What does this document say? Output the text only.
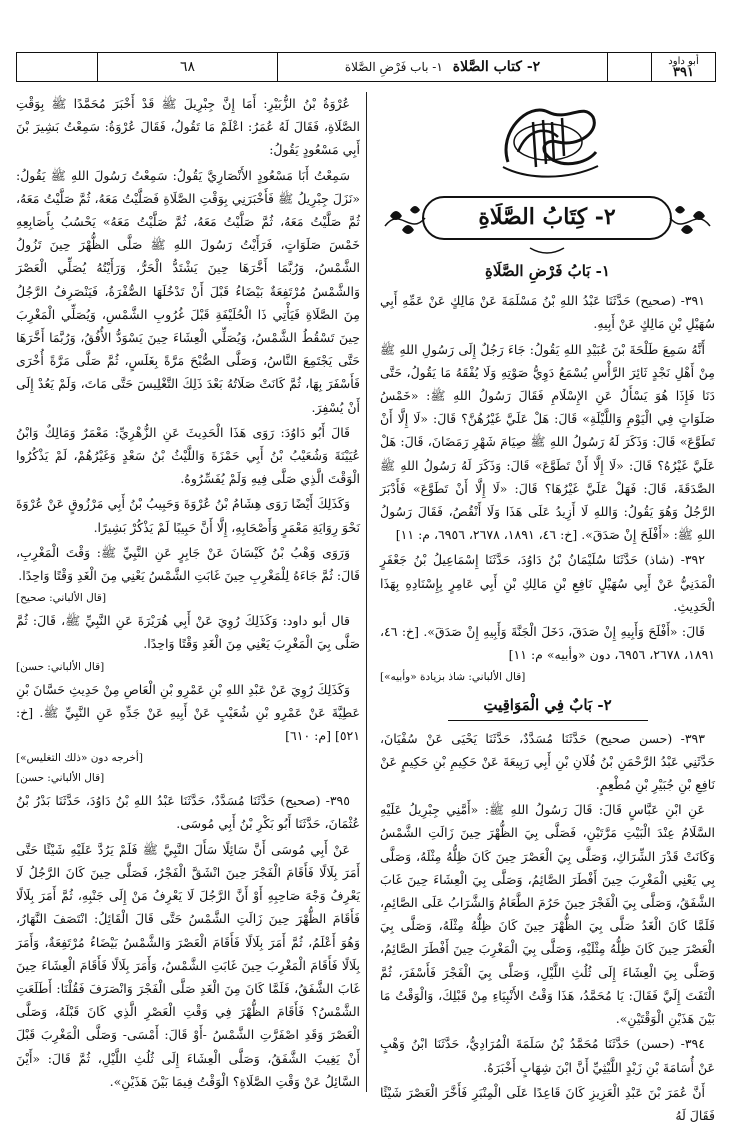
أبو داود
٣٩١
٢- كتاب الصَّلاة
١- باب فَرْضِ الصَّلاة
٦٨
٢- كِتَابُ الصَّلَاةِ
١- بَابُ فَرْضِ الصَّلَاةِ

٣٩١- (صحيح) حَدَّثَنَا عَبْدُ اللهِ بْنُ مَسْلَمَةَ عَنْ مَالِكٍ عَنْ عَمِّهِ أَبِي سُهَيْلِ بْنِ مَالِكٍ عَنْ أَبِيهِ.

أَنَّهُ سَمِعَ طَلْحَةَ بْنَ عُبَيْدِ اللهِ يَقُولُ: جَاءَ رَجُلٌ إِلَى رَسُولِ اللهِ ﷺ مِنْ أَهْلِ نَجْدٍ ثَائِرَ الرَّأْسِ يُسْمَعُ دَوِيُّ صَوْتِهِ وَلَا يُفْقَهُ مَا يَقُولُ، حَتَّى دَنَا فَإِذَا هُوَ يَسْأَلُ عَنِ الإِسْلَامِ فَقَالَ رَسُولُ اللهِ ﷺ: «خَمْسُ صَلَوَاتٍ فِي الْيَوْمِ وَاللَّيْلَةِ» قَالَ: هَلْ عَلَيَّ غَيْرُهُنَّ؟ قَالَ: «لَا إِلَّا أَنْ تَطَوَّعَ» قَالَ: وَذَكَرَ لَهُ رَسُولُ اللهِ ﷺ صِيَامَ شَهْرِ رَمَضَانَ، قَالَ: هَلْ عَلَيَّ غَيْرُهُ؟ قَالَ: «لَا إِلَّا أَنْ تَطَوَّعَ» قَالَ: وَذَكَرَ لَهُ رَسُولُ اللهِ ﷺ الصَّدَقَةَ، قَالَ: فَهَلْ عَلَيَّ غَيْرُهَا؟ قَالَ: «لَا إِلَّا أَنْ تَطَوَّعَ» فَأَدْبَرَ الرَّجُلُ وَهُوَ يَقُولُ: وَاللهِ لَا أَزِيدُ عَلَى هَذَا وَلَا أَنْقُصُ، فَقَالَ رَسُولُ اللهِ ﷺ: «أَفْلَحَ إِنْ صَدَقَ». [خ: ٤٦، ١٨٩١، ٢٦٧٨، ٦٩٥٦، م: ١١]

٣٩٢- (شاذ) حَدَّثَنَا سُلَيْمَانُ بْنُ دَاوُدَ، حَدَّثَنَا إِسْمَاعِيلُ بْنُ جَعْفَرٍ الْمَدَنِيُّ عَنْ أَبِي سُهَيْلٍ نَافِعِ بْنِ مَالِكِ بْنِ أَبِي عَامِرٍ بِإِسْنَادِهِ بِهَذَا الْحَدِيثِ.

قَالَ: «أَفْلَحَ وَأَبِيهِ إِنْ صَدَقَ، دَخَلَ الْجَنَّةَ وَأَبِيهِ إِنْ صَدَقَ». [خ: ٤٦، ١٨٩١، ٢٦٧٨، ٦٩٥٦، دون «وأبيه» م: ١١]

[قال الألباني: شاذ بزيادة «وأبيه»]
٢- بَابٌ فِي الْمَوَاقِيتِ

٣٩٣- (حسن صحيح) حَدَّثَنَا مُسَدَّدٌ، حَدَّثَنَا يَحْيَى عَنْ سُفْيَانَ، حَدَّثَنِي عَبْدُ الرَّحْمَنِ بْنُ فُلَانِ بْنِ أَبِي رَبِيعَةَ عَنْ حَكِيمِ بْنِ حَكِيمٍ عَنْ نَافِعِ بْنِ جُبَيْرِ بْنِ مُطْعِمٍ.

عَنِ ابْنِ عَبَّاسٍ قَالَ: قَالَ رَسُولُ اللهِ ﷺ: «أَمَّنِي جِبْرِيلُ عَلَيْهِ السَّلَامُ عِنْدَ الْبَيْتِ مَرَّتَيْنِ، فَصَلَّى بِيَ الظُّهْرَ حِينَ زَالَتِ الشَّمْسُ وَكَانَتْ قَدْرَ الشِّرَاكِ، وَصَلَّى بِيَ الْعَصْرَ حِينَ كَانَ ظِلُّهُ مِثْلَهُ، وَصَلَّى بِي يَعْنِي الْمَغْرِبَ حِينَ أَفْطَرَ الصَّائِمُ، وَصَلَّى بِيَ الْعِشَاءَ حِينَ غَابَ الشَّفَقُ، وَصَلَّى بِيَ الْفَجْرَ حِينَ حَرُمَ الطَّعَامُ وَالشَّرَابُ عَلَى الصَّائِمِ، فَلَمَّا كَانَ الْغَدُ صَلَّى بِيَ الظُّهْرَ حِينَ كَانَ ظِلُّهُ مِثْلَهُ، وَصَلَّى بِيَ الْعَصْرَ حِينَ كَانَ ظِلُّهُ مِثْلَيْهِ، وَصَلَّى بِيَ الْمَغْرِبَ حِينَ أَفْطَرَ الصَّائِمُ، وَصَلَّى بِيَ الْعِشَاءَ إِلَى ثُلُثِ اللَّيْلِ، وَصَلَّى بِيَ الْفَجْرَ فَأَسْفَرَ، ثُمَّ الْتَفَتَ إِلَيَّ فَقَالَ: يَا مُحَمَّدُ، هَذَا وَقْتُ الأَنْبِيَاءِ مِنْ قَبْلِكَ، وَالْوَقْتُ مَا بَيْنَ هَذَيْنِ الْوَقْتَيْنِ».

٣٩٤- (حسن) حَدَّثَنَا مُحَمَّدُ بْنُ سَلَمَةَ الْمُرَادِيُّ، حَدَّثَنَا ابْنُ وَهْبٍ عَنْ أُسَامَةَ بْنِ زَيْدٍ اللَّيْثِيِّ أَنَّ ابْنَ شِهَابٍ أَخْبَرَهُ.

أَنَّ عُمَرَ بْنَ عَبْدِ الْعَزِيزِ كَانَ قَاعِدًا عَلَى الْمِنْبَرِ فَأَخَّرَ الْعَصْرَ شَيْئًا فَقَالَ لَهُ

عُرْوَةُ بْنُ الزُّبَيْرِ: أَمَا إِنَّ جِبْرِيلَ ﷺ قَدْ أَخْبَرَ مُحَمَّدًا ﷺ بِوَقْتِ الصَّلَاةِ، فَقَالَ لَهُ عُمَرُ: اعْلَمْ مَا تَقُولُ، فَقَالَ عُرْوَةُ: سَمِعْتُ بَشِيرَ بْنَ أَبِي مَسْعُودٍ يَقُولُ:

سَمِعْتُ أَبَا مَسْعُودٍ الأَنْصَارِيَّ يَقُولُ: سَمِعْتُ رَسُولَ اللهِ ﷺ يَقُولُ: «نَزَلَ جِبْرِيلُ ﷺ فَأَخْبَرَنِي بِوَقْتِ الصَّلَاةِ فَصَلَّيْتُ مَعَهُ، ثُمَّ صَلَّيْتُ مَعَهُ، ثُمَّ صَلَّيْتُ مَعَهُ، ثُمَّ صَلَّيْتُ مَعَهُ، ثُمَّ صَلَّيْتُ مَعَهُ» يَحْسُبُ بِأَصَابِعِهِ خَمْسَ صَلَوَاتٍ، فَرَأَيْتُ رَسُولَ اللهِ ﷺ صَلَّى الظُّهْرَ حِينَ تَزُولُ الشَّمْسُ، وَرُبَّمَا أَخَّرَهَا حِينَ يَشْتَدُّ الْحَرُّ، وَرَأَيْتُهُ يُصَلِّي الْعَصْرَ وَالشَّمْسُ مُرْتَفِعَةٌ بَيْضَاءُ قَبْلَ أَنْ تَدْخُلَهَا الصُّفْرَةُ، فَيَنْصَرِفُ الرَّجُلُ مِنَ الصَّلَاةِ فَيَأْتِي ذَا الْحُلَيْفَةِ قَبْلَ غُرُوبِ الشَّمْسِ، وَيُصَلِّي الْمَغْرِبَ حِينَ تَسْقُطُ الشَّمْسُ، وَيُصَلِّي الْعِشَاءَ حِينَ يَسْوَدُّ الأُفُقُ، وَرُبَّمَا أَخَّرَهَا حَتَّى يَجْتَمِعَ النَّاسُ، وَصَلَّى الصُّبْحَ مَرَّةً بِغَلَسٍ، ثُمَّ صَلَّى مَرَّةً أُخْرَى فَأَسْفَرَ بِهَا، ثُمَّ كَانَتْ صَلَاتُهُ بَعْدَ ذَلِكَ التَّغْلِيسَ حَتَّى مَاتَ، وَلَمْ يَعُدْ إِلَى أَنْ يُسْفِرَ.

قَالَ أَبُو دَاوُدَ: رَوَى هَذَا الْحَدِيثَ عَنِ الزُّهْرِيِّ: مَعْمَرٌ وَمَالِكٌ وَابْنُ عُيَيْنَةَ وَشُعَيْبُ بْنُ أَبِي حَمْزَةَ وَاللَّيْثُ بْنُ سَعْدٍ وَغَيْرُهُمْ، لَمْ يَذْكُرُوا الْوَقْتَ الَّذِي صَلَّى فِيهِ وَلَمْ يُفَسِّرُوهُ.

وَكَذَلِكَ أَيْضًا رَوَى هِشَامُ بْنُ عُرْوَةَ وَحَبِيبُ بْنُ أَبِي مَرْزُوقٍ عَنْ عُرْوَةَ نَحْوَ رِوَايَةِ مَعْمَرٍ وَأَصْحَابِهِ، إِلَّا أَنَّ حَبِيبًا لَمْ يَذْكُرْ بَشِيرًا.

وَرَوَى وَهْبُ بْنُ كَيْسَانَ عَنْ جَابِرٍ عَنِ النَّبِيِّ ﷺ: وَقْتَ الْمَغْرِبِ، قَالَ: ثُمَّ جَاءَهُ لِلْمَغْرِبِ حِينَ غَابَتِ الشَّمْسُ يَعْنِي مِنَ الْغَدِ وَقْتًا وَاحِدًا.

[قال الألباني: صحيح]

قال أبو داود: وَكَذَلِكَ رُوِيَ عَنْ أَبِي هُرَيْرَةَ عَنِ النَّبِيِّ ﷺ، قَالَ: ثُمَّ صَلَّى بِيَ الْمَغْرِبَ يَعْنِي مِنَ الْغَدِ وَقْتًا وَاحِدًا.

[قال الألباني: حسن]

وَكَذَلِكَ رُوِيَ عَنْ عَبْدِ اللهِ بْنِ عَمْرِو بْنِ الْعَاصِ مِنْ حَدِيثِ حَسَّانَ بْنِ عَطِيَّةَ عَنْ عَمْرِو بْنِ شُعَيْبٍ عَنْ أَبِيهِ عَنْ جَدِّهِ عَنِ النَّبِيِّ ﷺ. [خ: ٥٢١] [م: ٦١٠]

[أخرجه دون «ذلك التغليس»]
[قال الألباني: حسن]

٣٩٥- (صحيح) حَدَّثَنَا مُسَدَّدٌ، حَدَّثَنَا عَبْدُ اللهِ بْنُ دَاوُدَ، حَدَّثَنَا بَدْرُ بْنُ عُثْمَانَ، حَدَّثَنَا أَبُو بَكْرِ بْنُ أَبِي مُوسَى.

عَنْ أَبِي مُوسَى أَنَّ سَائِلًا سَأَلَ النَّبِيَّ ﷺ فَلَمْ يَرُدَّ عَلَيْهِ شَيْئًا حَتَّى أَمَرَ بِلَالًا فَأَقَامَ الْفَجْرَ حِينَ انْشَقَّ الْفَجْرُ، فَصَلَّى حِينَ كَانَ الرَّجُلُ لَا يَعْرِفُ وَجْهَ صَاحِبِهِ أَوْ أَنَّ الرَّجُلَ لَا يَعْرِفُ مَنْ إِلَى جَنْبِهِ، ثُمَّ أَمَرَ بِلَالًا فَأَقَامَ الظُّهْرَ حِينَ زَالَتِ الشَّمْسُ حَتَّى قَالَ الْقَائِلُ: انْتَصَفَ النَّهَارُ، وَهُوَ أَعْلَمُ، ثُمَّ أَمَرَ بِلَالًا فَأَقَامَ الْعَصْرَ وَالشَّمْسُ بَيْضَاءُ مُرْتَفِعَةٌ، وَأَمَرَ بِلَالًا فَأَقَامَ الْمَغْرِبَ حِينَ غَابَتِ الشَّمْسُ، وَأَمَرَ بِلَالًا فَأَقَامَ الْعِشَاءَ حِينَ غَابَ الشَّفَقُ، فَلَمَّا كَانَ مِنَ الْغَدِ صَلَّى الْفَجْرَ وَانْصَرَفَ فَقُلْنَا: أَطَلَعَتِ الشَّمْسُ؟ فَأَقَامَ الظُّهْرَ فِي وَقْتِ الْعَصْرِ الَّذِي كَانَ قَبْلَهُ، وَصَلَّى الْعَصْرَ وَقَدِ اصْفَرَّتِ الشَّمْسُ -أَوْ قَالَ: أَمْسَى- وَصَلَّى الْمَغْرِبَ قَبْلَ أَنْ يَغِيبَ الشَّفَقُ، وَصَلَّى الْعِشَاءَ إِلَى ثُلُثِ اللَّيْلِ، ثُمَّ قَالَ: «أَيْنَ السَّائِلُ عَنْ وَقْتِ الصَّلَاةِ؟ الْوَقْتُ فِيمَا بَيْنَ هَذَيْنِ».
